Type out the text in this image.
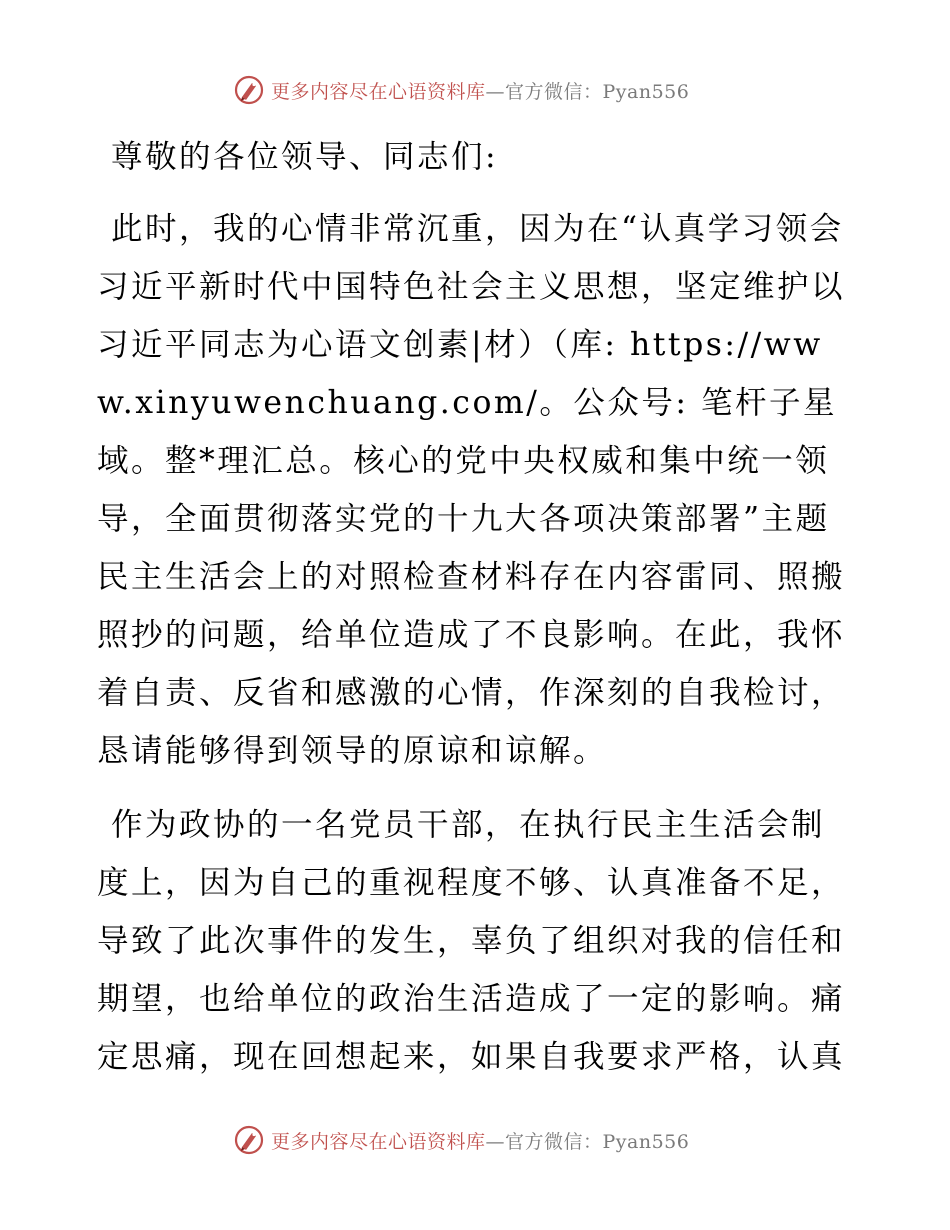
更多内容尽在心语资料库—官方微信：Pyan556

尊敬的各位领导、同志们:

此时，我的心情非常沉重，因为在“认真学习领会习近平新时代中国特色社会主义思想，坚定维护以习近平同志为心语文创素|材）（库: https://www.xinyuwenchuang.com/。公众号: 笔杆子星域。整*理汇总。核心的党中央权威和集中统一领导，全面贯彻落实党的十九大各项决策部署”主题民主生活会上的对照检查材料存在内容雷同、照搬照抄的问题，给单位造成了不良影响。在此，我怀着自责、反省和感激的心情，作深刻的自我检讨，恳请能够得到领导的原谅和谅解。

作为政协的一名党员干部，在执行民主生活会制度上，因为自己的重视程度不够、认真准备不足，导致了此次事件的发生，辜负了组织对我的信任和期望，也给单位的政治生活造成了一定的影响。痛定思痛，现在回想起来，如果自我要求严格，认真

更多内容尽在心语资料库—官方微信：Pyan556
